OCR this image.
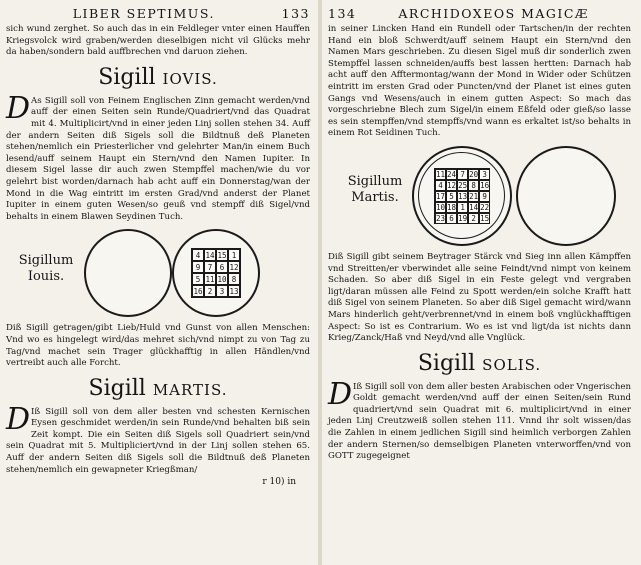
LIBER SEPTIMUS.	133

sich wund zerghet. So auch das in ein Feldleger vnter einen Hauffen Kriegsvolck wird graben/werden dieselbigen nicht vil Glücks mehr da haben/sondern bald auffbrechen vnd daruon ziehen.

Sigill IOVIS.
D As Sigill soll von Feinem Englischen Zinn gemacht werden/vnd auff der einen Seiten sein Runde/Quadriert/vnd das Quadrat mit 4. Multiplicirt/vnd in einer jeden Linj sollen stehen 34. Auff der andern Seiten diß Sigels soll die Bildtnuß deß Planeten stehen/nemlich ein Priesterlicher vnd gelehrter Man/in einem Buch lesend/auff seinem Haupt ein Stern/vnd den Namen Iupiter. In diesem Sigel lasse dir auch zwen Stempffel machen/wie du vor gelehrt bist worden/darnach hab acht auff ein Donnerstag/wan der Mond in die Wag eintritt im ersten Grad/vnd anderst der Planet Iupiter in einem guten Wesen/so geuß vnd stempff diß Sigel/vnd behalts in einem Blawen Seydinen Tuch.

Sigillum
Iouis.
4 14 15 1
9 7 6 12
5 11 10 8
16 2 3 13

Diß Sigill getragen/gibt Lieb/Huld vnd Gunst von allen Menschen: Vnd wo es hingelegt wird/das mehret sich/vnd nimpt zu von Tag zu Tag/vnd machet sein Trager glückhafftig in allen Händlen/vnd vertreibt auch alle Forcht.

Sigill MARTIS.
D Iß Sigill soll von dem aller besten vnd schesten Kernischen Eysen geschmidet werden/in sein Runde/vnd behalten biß sein Zeit kompt. Die ein Seiten diß Sigels soll Quadriert sein/vnd sein Quadrat mit 5. Multipliciert/vnd in der Linj sollen stehen 65. Auff der andern Seiten diß Sigels soll die Bildtnuß deß Planeten stehen/nemlich ein gewapneter Kriegßman/

r 10) in
134	ARCHIDOXEOS MAGICÆ

in seiner Lincken Hand ein Rundell oder Tartschen/in der rechten Hand ein bloß Schwerdt/auff seinem Haupt ein Stern/vnd den Namen Mars geschrieben. Zu diesen Sigel muß dir sonderlich zwen Stempffel lassen schneiden/auffs best lassen hertten: Darnach hab acht auff den Afftermontag/wann der Mond in Wider oder Schützen eintritt im ersten Grad oder Puncten/vnd der Planet ist eines guten Gangs vnd Wesens/auch in einem gutten Aspect: So mach das vorgeschriebne Blech zum Sigel/in einem Eßfeld oder gieß/so lasse es sein stempffen/vnd stempffs/vnd wann es erkaltet ist/so behalts in einem Rot Seidinen Tuch.

Sigillum
Martis.
11 24 7 20 3
4 12 25 8 16
17 5 13 21 9
10 18 1 14 22
23 6 19 2 15

Diß Sigill gibt seinem Beytrager Stärck vnd Sieg inn allen Kämpffen vnd Streitten/er vberwindet alle seine Feindt/vnd nimpt von keinem Schaden. So aber diß Sigel in ein Feste gelegt vnd vergraben ligt/daran müssen alle Feind zu Spott werden/ein solche Krafft hatt diß Sigel von seinem Planeten. So aber diß Sigel gemacht wird/wann Mars hinderlich geht/verbrennet/vnd in einem boß vnglückhafftigen Aspect: So ist es Contrarium. Wo es ist vnd ligt/da ist nichts dann Krieg/Zanck/Haß vnd Neyd/vnd alle Vnglück.

Sigill SOLIS.
D Iß Sigill soll von dem aller besten Arabischen oder Vngerischen Goldt gemacht werden/vnd auff der einen Seiten/sein Rund quadriert/vnd sein Quadrat mit 6. multiplicirt/vnd in einer jeden Linj Creutzweiß sollen stehen 111. Vnnd ihr solt wissen/das die Zahlen in einem jedlichen Sigill sind heimlich verborgen Zahlen der andern Sternen/so demselbigen Planeten vnterworffen/vnd von GOTT zugegeignet
